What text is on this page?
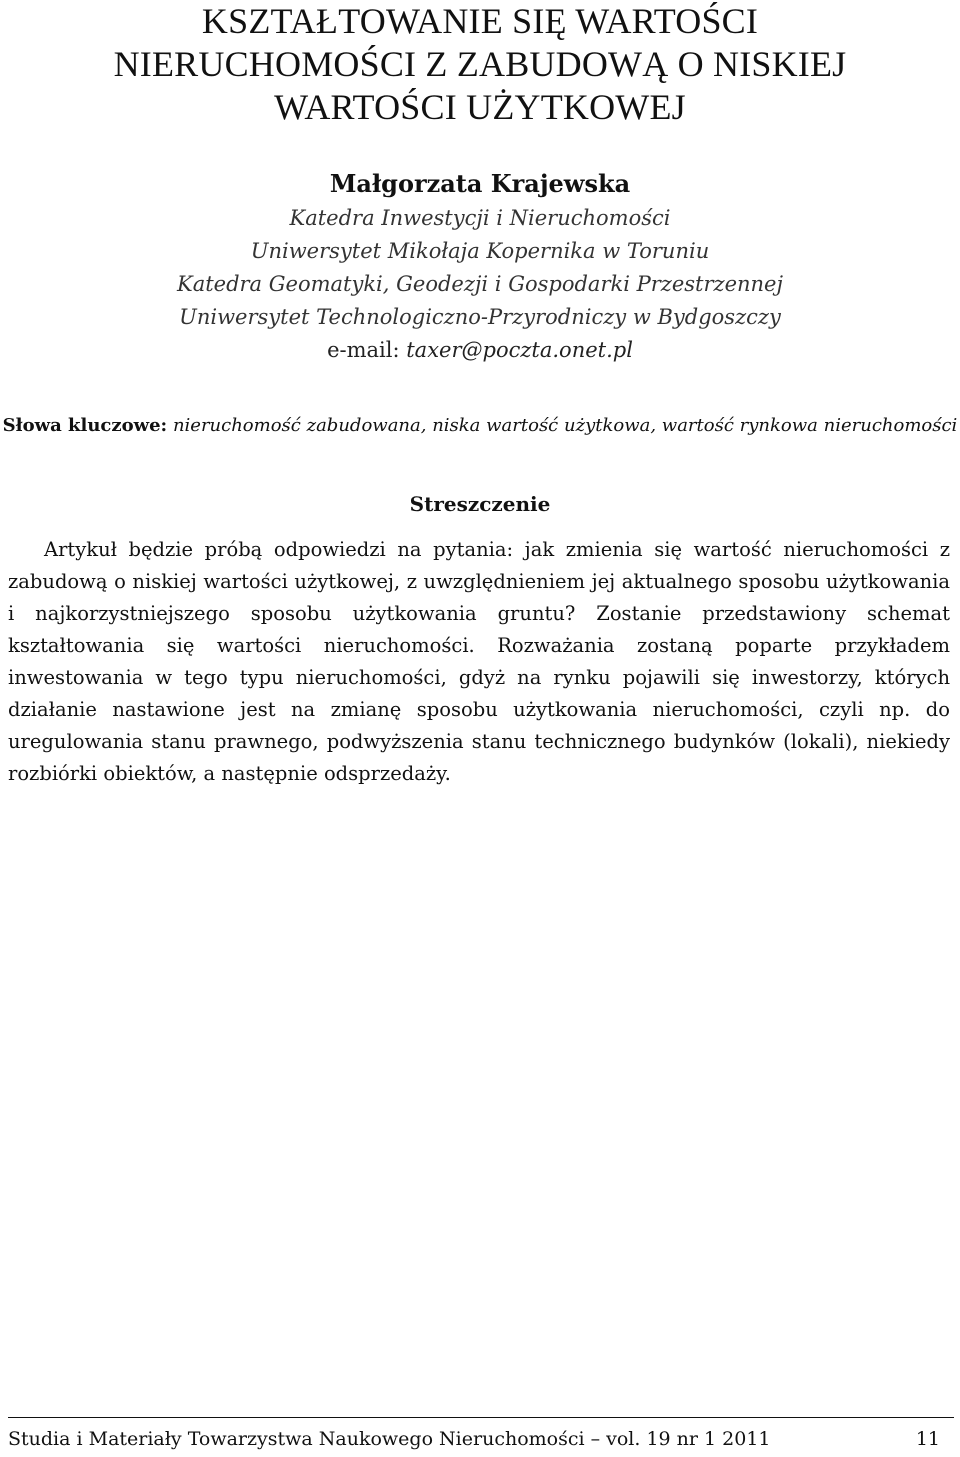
KSZTAŁTOWANIE SIĘ WARTOŚCI
NIERUCHOMOŚCI Z ZABUDOWĄ O NISKIEJ
WARTOŚCI UŻYTKOWEJ
Małgorzata Krajewska
Katedra Inwestycji i Nieruchomości
Uniwersytet Mikołaja Kopernika w Toruniu
Katedra Geomatyki, Geodezji i Gospodarki Przestrzennej
Uniwersytet Technologiczno-Przyrodniczy w Bydgoszczy
e-mail: taxer@poczta.onet.pl
Słowa kluczowe: nieruchomość zabudowana, niska wartość użytkowa, wartość rynkowa nieruchomości
Streszczenie
Artykuł będzie próbą odpowiedzi na pytania: jak zmienia się wartość nieruchomości z zabudową o niskiej wartości użytkowej, z uwzględnieniem jej aktualnego sposobu użytkowania i najkorzystniejszego sposobu użytkowania gruntu? Zostanie przedstawiony schemat kształtowania się wartości nieruchomości. Rozważania zostaną poparte przykładem inwestowania w tego typu nieruchomości, gdyż na rynku pojawili się inwestorzy, których działanie nastawione jest na zmianę sposobu użytkowania nieruchomości, czyli np. do uregulowania stanu prawnego, podwyższenia stanu technicznego budynków (lokali), niekiedy rozbiórki obiektów, a następnie odsprzedaży.
Studia i Materiały Towarzystwa Naukowego Nieruchomości – vol. 19 nr 1 2011	11
